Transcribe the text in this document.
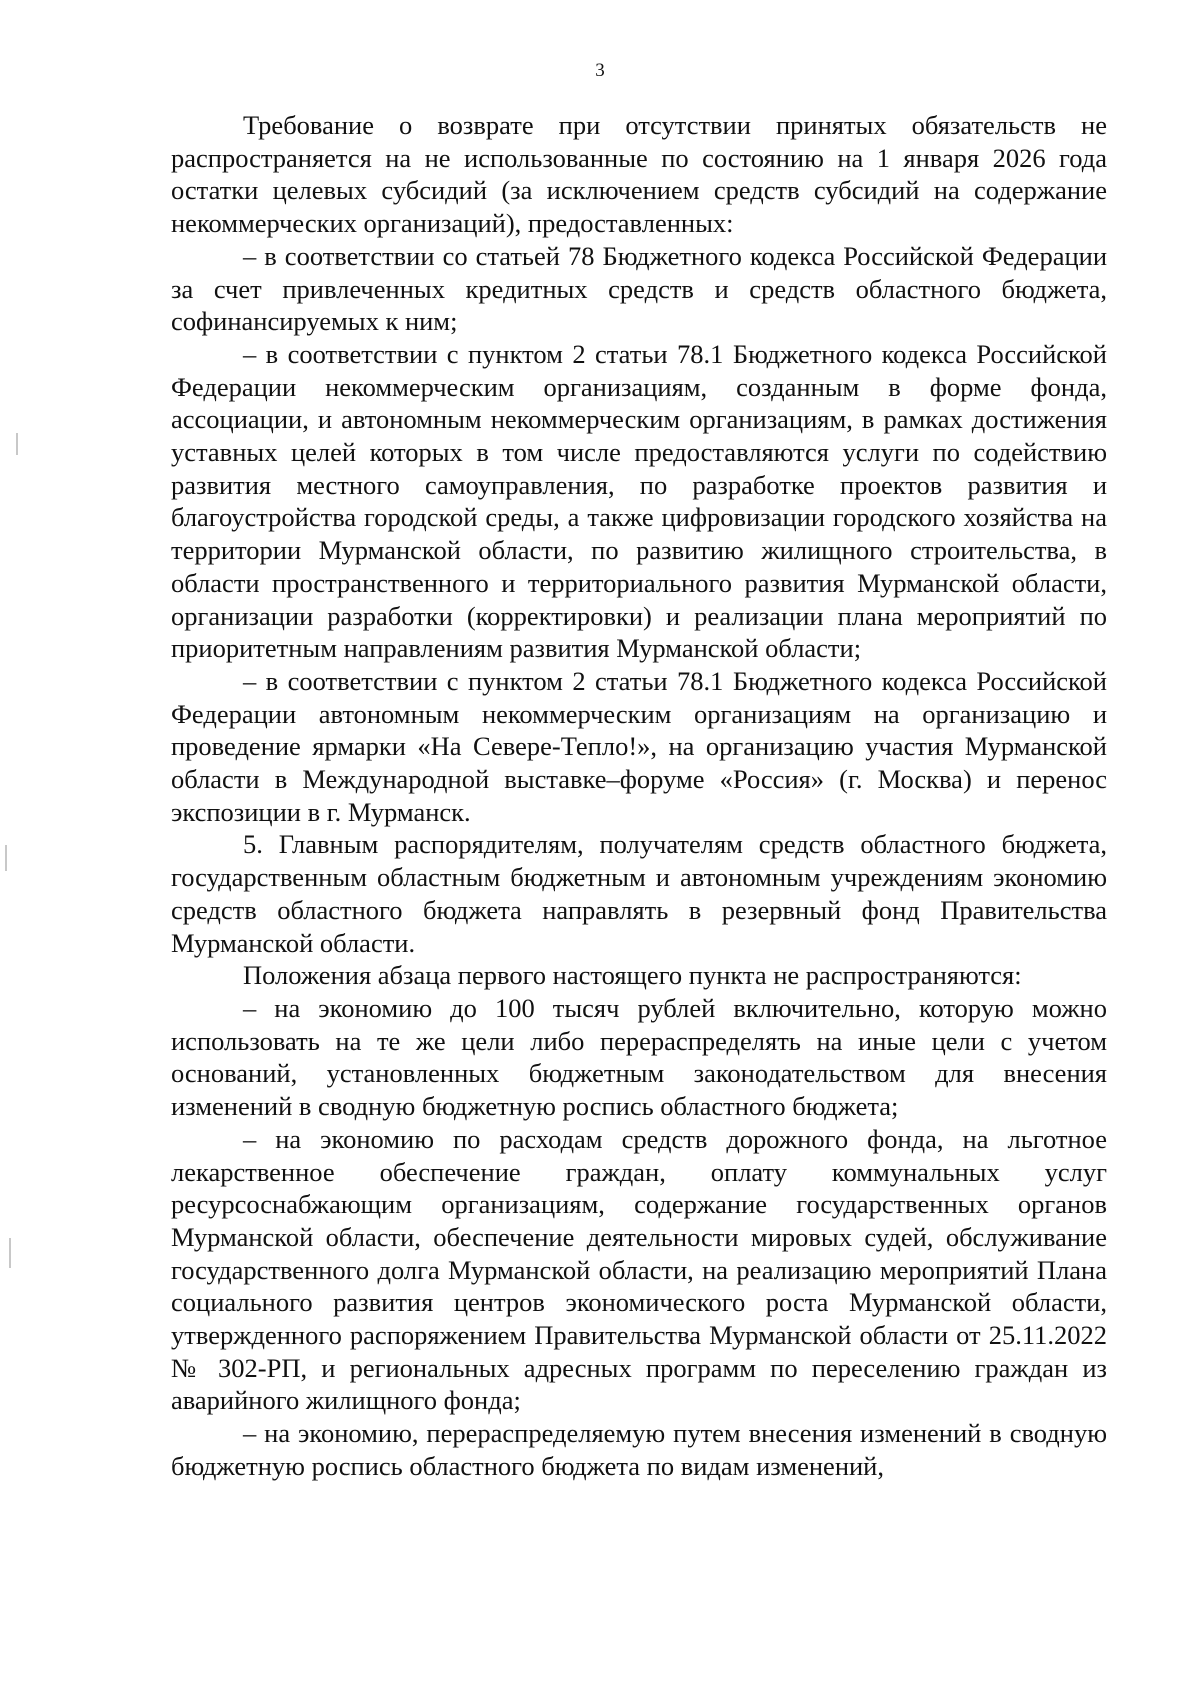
3

Требование о возврате при отсутствии принятых обязательств не распространяется на не использованные по состоянию на 1 января 2026 года остатки целевых субсидий (за исключением средств субсидий на содержание некоммерческих организаций), предоставленных:

– в соответствии со статьей 78 Бюджетного кодекса Российской Федерации за счет привлеченных кредитных средств и средств областного бюджета, софинансируемых к ним;

– в соответствии с пунктом 2 статьи 78.1 Бюджетного кодекса Российской Федерации некоммерческим организациям, созданным в форме фонда, ассоциации, и автономным некоммерческим организациям, в рамках достижения уставных целей которых в том числе предоставляются услуги по содействию развития местного самоуправления, по разработке проектов развития и благоустройства городской среды, а также цифровизации городского хозяйства на территории Мурманской области, по развитию жилищного строительства, в области пространственного и территориального развития Мурманской области, организации разработки (корректировки) и реализации плана мероприятий по приоритетным направлениям развития Мурманской области;

– в соответствии с пунктом 2 статьи 78.1 Бюджетного кодекса Российской Федерации автономным некоммерческим организациям на организацию и проведение ярмарки «На Севере-Тепло!», на организацию участия Мурманской области в Международной выставке–форуме «Россия» (г. Москва) и перенос экспозиции в г. Мурманск.

5. Главным распорядителям, получателям средств областного бюджета, государственным областным бюджетным и автономным учреждениям экономию средств областного бюджета направлять в резервный фонд Правительства Мурманской области.

Положения абзаца первого настоящего пункта не распространяются:

– на экономию до 100 тысяч рублей включительно, которую можно использовать на те же цели либо перераспределять на иные цели с учетом оснований, установленных бюджетным законодательством для внесения изменений в сводную бюджетную роспись областного бюджета;

– на экономию по расходам средств дорожного фонда, на льготное лекарственное обеспечение граждан, оплату коммунальных услуг ресурсоснабжающим организациям, содержание государственных органов Мурманской области, обеспечение деятельности мировых судей, обслуживание государственного долга Мурманской области, на реализацию мероприятий Плана социального развития центров экономического роста Мурманской области, утвержденного распоряжением Правительства Мурманской области от 25.11.2022 № 302-РП, и региональных адресных программ по переселению граждан из аварийного жилищного фонда;

– на экономию, перераспределяемую путем внесения изменений в сводную бюджетную роспись областного бюджета по видам изменений,
